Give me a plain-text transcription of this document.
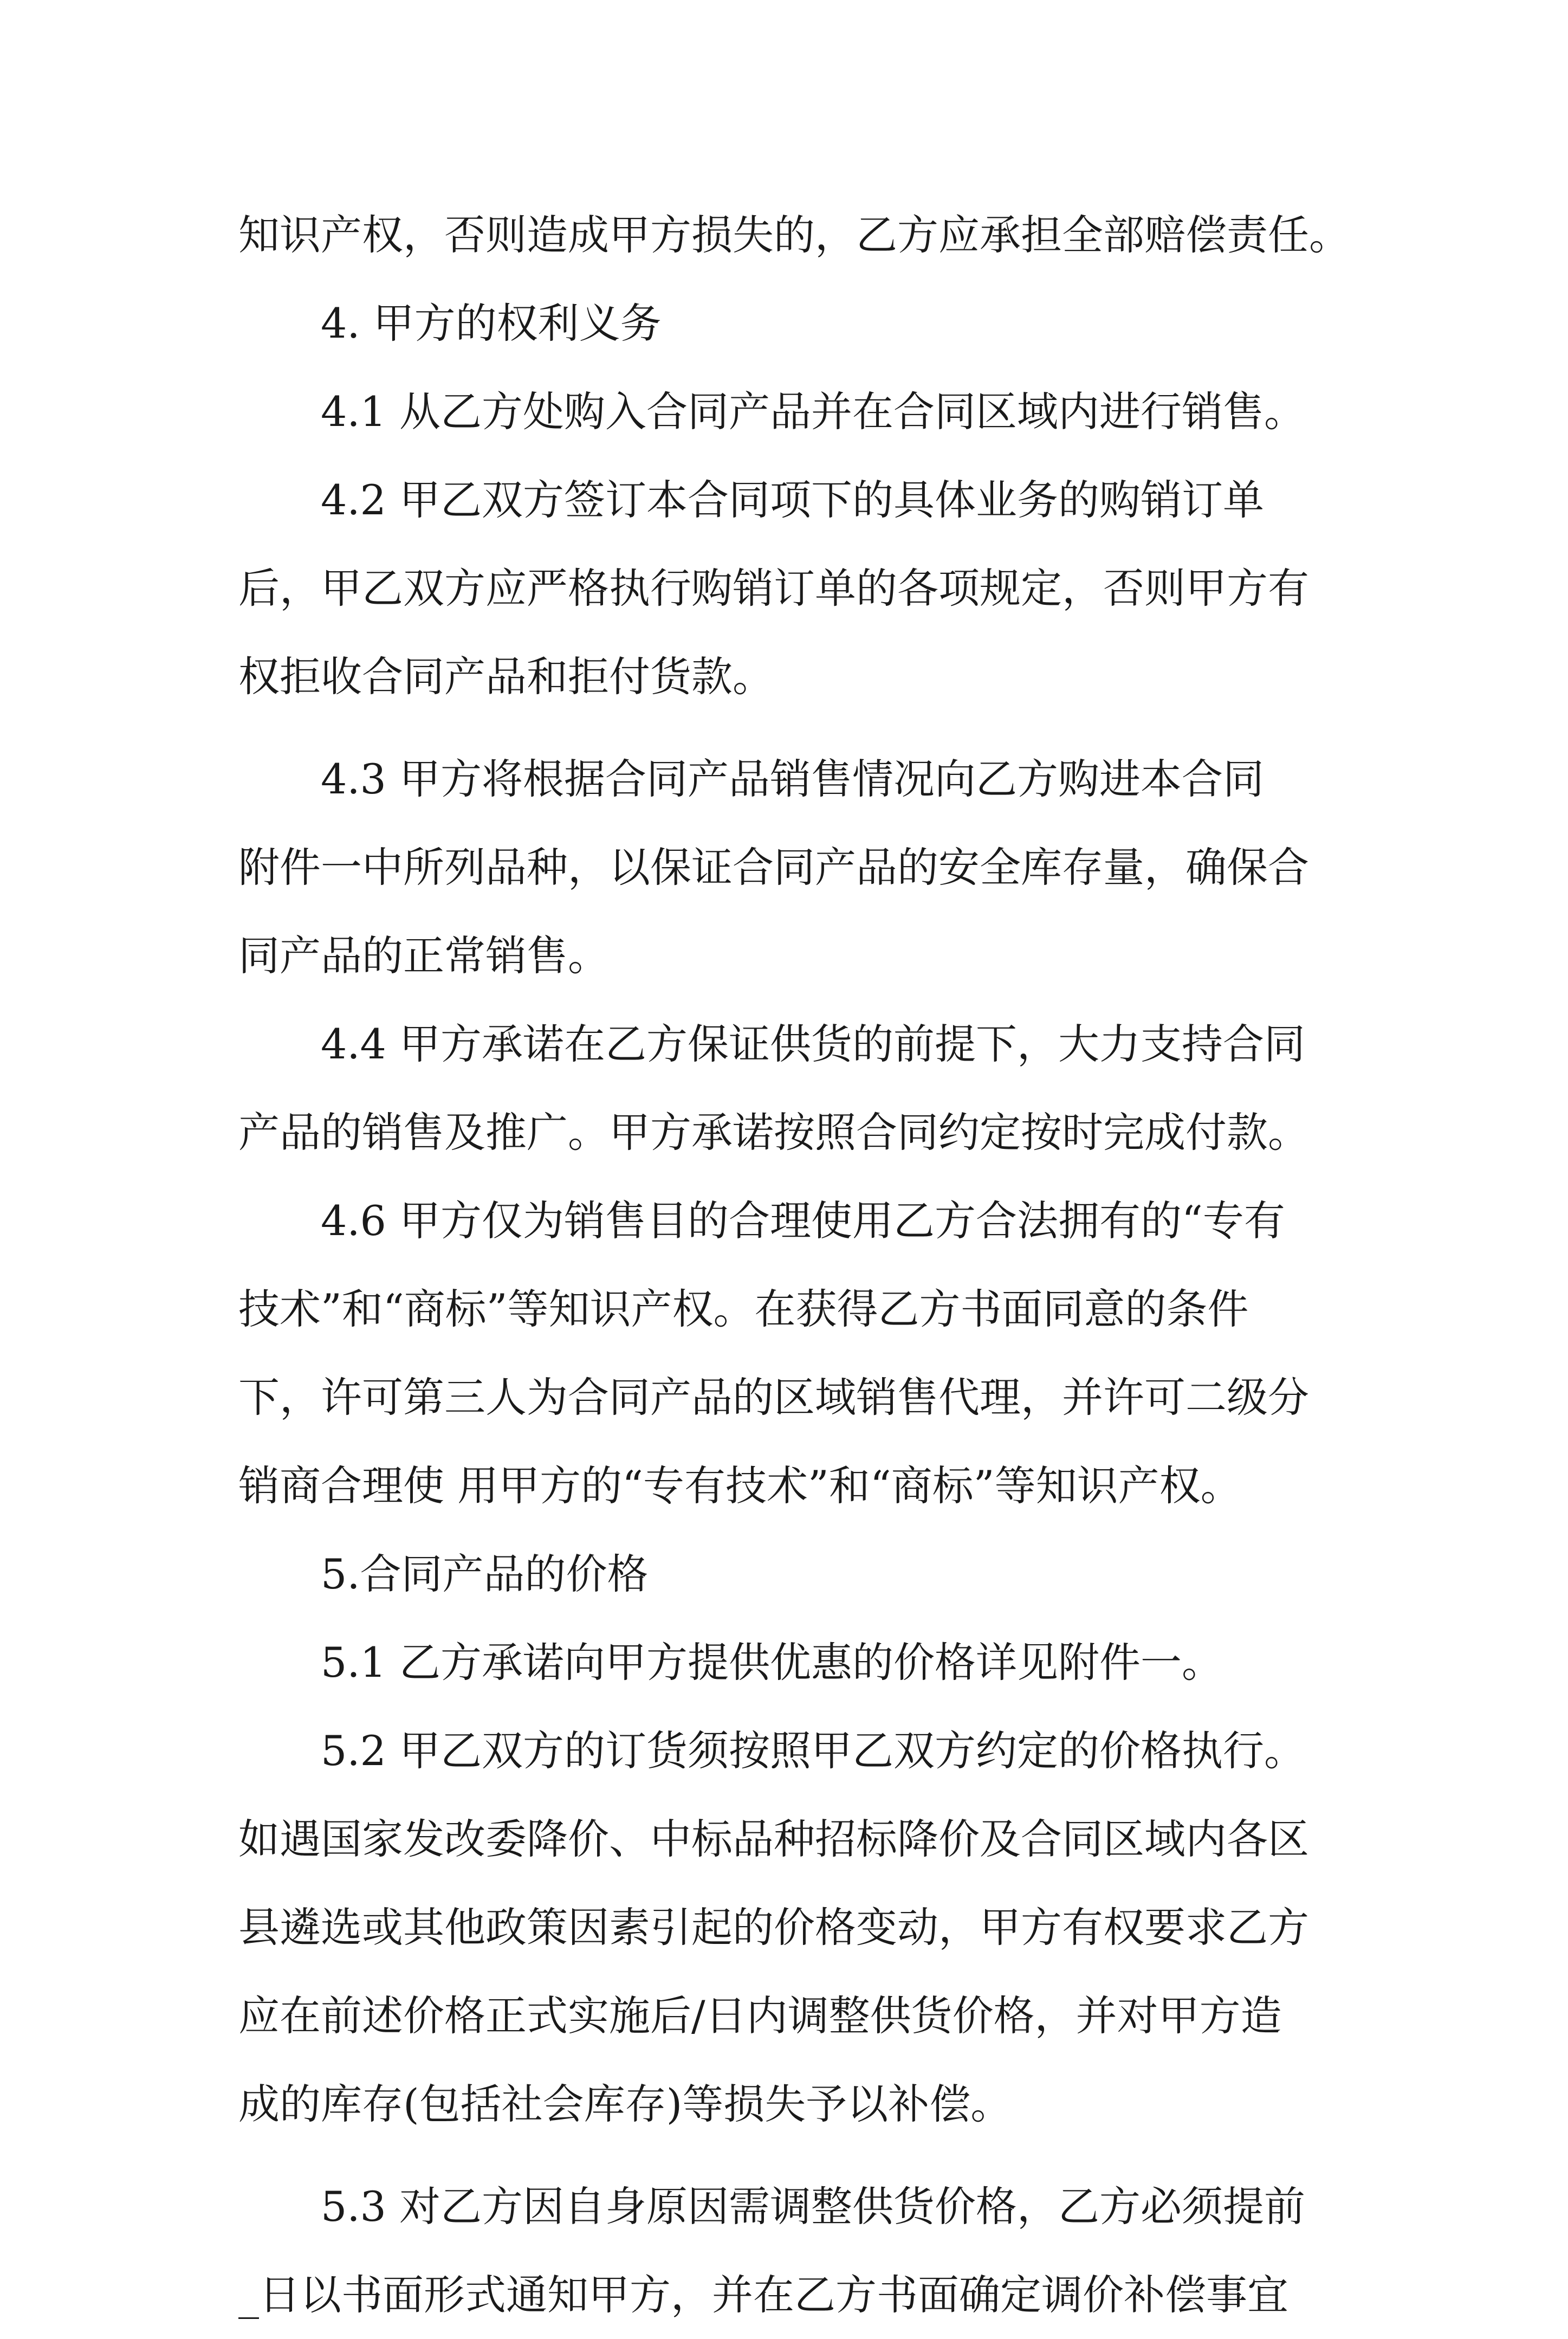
知识产权，否则造成甲方损失的，乙方应承担全部赔偿责任。
4. 甲方的权利义务
4.1 从乙方处购入合同产品并在合同区域内进行销售。
4.2 甲乙双方签订本合同项下的具体业务的购销订单
后，甲乙双方应严格执行购销订单的各项规定，否则甲方有
权拒收合同产品和拒付货款。
4.3 甲方将根据合同产品销售情况向乙方购进本合同
附件一中所列品种，以保证合同产品的安全库存量，确保合
同产品的正常销售。
4.4 甲方承诺在乙方保证供货的前提下，大力支持合同
产品的销售及推广。甲方承诺按照合同约定按时完成付款。
4.6 甲方仅为销售目的合理使用乙方合法拥有的“专有
技术”和“商标”等知识产权。在获得乙方书面同意的条件
下，许可第三人为合同产品的区域销售代理，并许可二级分
销商合理使 用甲方的“专有技术”和“商标”等知识产权。
5.合同产品的价格
5.1 乙方承诺向甲方提供优惠的价格详见附件一。
5.2 甲乙双方的订货须按照甲乙双方约定的价格执行。
如遇国家发改委降价、中标品种招标降价及合同区域内各区
县遴选或其他政策因素引起的价格变动，甲方有权要求乙方
应在前述价格正式实施后/日内调整供货价格，并对甲方造
成的库存(包括社会库存)等损失予以补偿。
5.3 对乙方因自身原因需调整供货价格，乙方必须提前
_日以书面形式通知甲方，并在乙方书面确定调价补偿事宜
